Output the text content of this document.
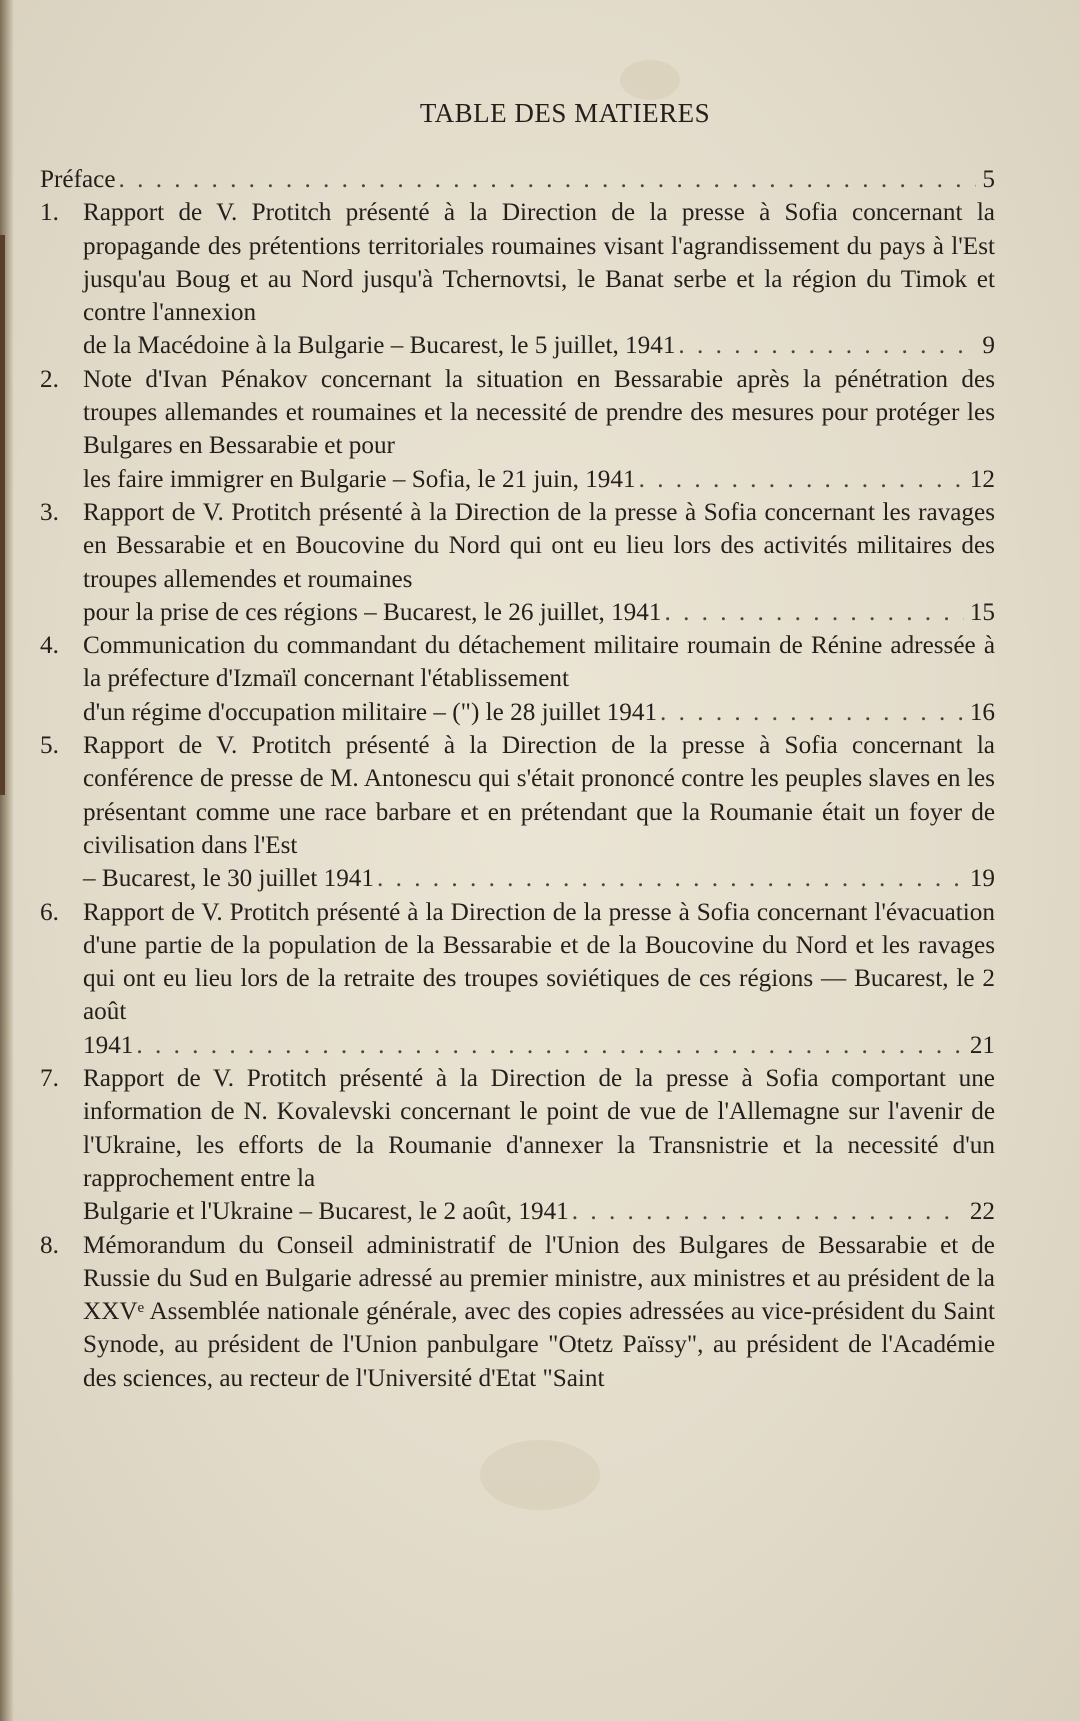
TABLE DES MATIERES
Préface . . .	5
1. Rapport de V. Protitch présenté à la Direction de la presse à Sofia concernant la propagande des prétentions territoriales roumaines visant l'agrandissement du pays à l'Est jusqu'au Boug et au Nord jusqu'à Tchernovtsi, le Banat serbe et la région du Timok et contre l'annexion
de la Macédoine à la Bulgarie – Bucarest, le 5 juillet, 1941 . . .	9
2. Note d'Ivan Pénakov concernant la situation en Bessarabie après la pénétration des troupes allemandes et roumaines et la necessité de prendre des mesures pour protéger les Bulgares en Bessarabie et pour
les faire immigrer en Bulgarie – Sofia, le 21 juin, 1941 . . .	12
3. Rapport de V. Protitch présenté à la Direction de la presse à Sofia concernant les ravages en Bessarabie et en Boucovine du Nord qui ont eu lieu lors des activités militaires des troupes allemendes et roumaines
pour la prise de ces régions – Bucarest, le 26 juillet, 1941 . . .	15
4. Communication du commandant du détachement militaire roumain de Rénine adressée à la préfecture d'Izmaïl concernant l'établissement
d'un régime d'occupation militaire – (") le 28 juillet 1941 . . .	16
5. Rapport de V. Protitch présenté à la Direction de la presse à Sofia concernant la conférence de presse de M. Antonescu qui s'était prononcé contre les peuples slaves en les présentant comme une race barbare et en prétendant que la Roumanie était un foyer de civilisation dans l'Est
– Bucarest, le 30 juillet 1941 . . .	19
6. Rapport de V. Protitch présenté à la Direction de la presse à Sofia concernant l'évacuation d'une partie de la population de la Bessarabie et de la Boucovine du Nord et les ravages qui ont eu lieu lors de la retraite des troupes soviétiques de ces régions — Bucarest, le 2 août
1941 . . .	21
7. Rapport de V. Protitch présenté à la Direction de la presse à Sofia comportant une information de N. Kovalevski concernant le point de vue de l'Allemagne sur l'avenir de l'Ukraine, les efforts de la Roumanie d'annexer la Transnistrie et la necessité d'un rapprochement entre la
Bulgarie et l'Ukraine – Bucarest, le 2 août, 1941 . . .	22
8. Mémorandum du Conseil administratif de l'Union des Bulgares de Bessarabie et de Russie du Sud en Bulgarie adressé au premier ministre, aux ministres et au président de la XXVᵉ Assemblée nationale générale, avec des copies adressées au vice-président du Saint Synode, au président de l'Union panbulgare "Otetz Païssy", au président de l'Académie des sciences, au recteur de l'Université d'Etat "Saint
